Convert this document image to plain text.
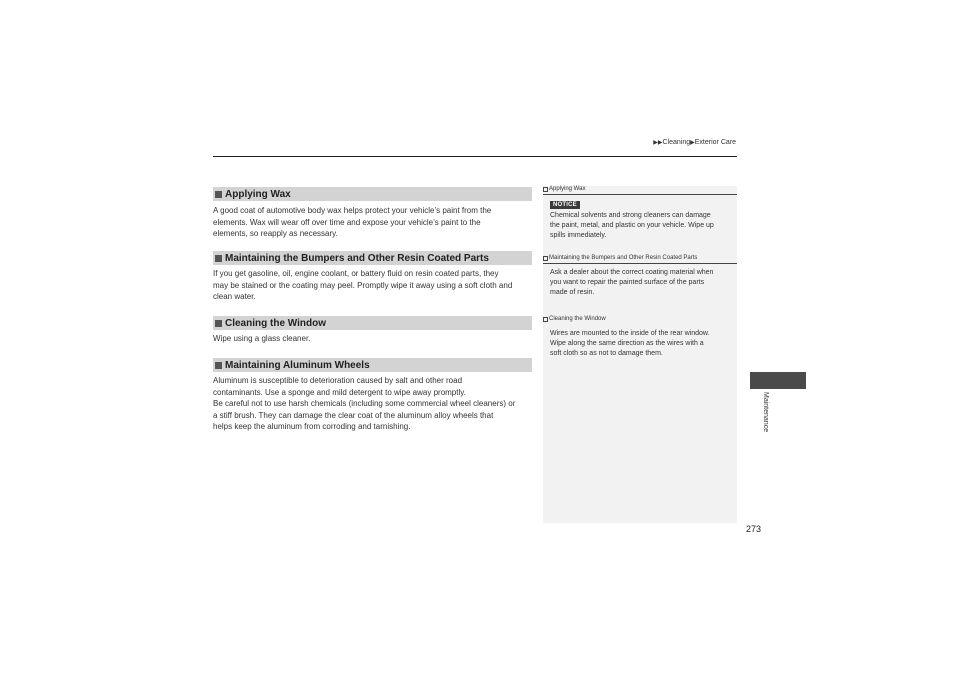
▶▶Cleaning▶Exterior Care
Applying Wax

A good coat of automotive body wax helps protect your vehicle’s paint from the

elements. Wax will wear off over time and expose your vehicle’s paint to the

elements, so reapply as necessary.

Maintaining the Bumpers and Other Resin Coated Parts

If you get gasoline, oil, engine coolant, or battery fluid on resin coated parts, they

may be stained or the coating may peel. Promptly wipe it away using a soft cloth and

clean water.

Cleaning the Window

Wipe using a glass cleaner.

Maintaining Aluminum Wheels

Aluminum is susceptible to deterioration caused by salt and other road

contaminants. Use a sponge and mild detergent to wipe away promptly.

Be careful not to use harsh chemicals (including some commercial wheel cleaners) or

a stiff brush. They can damage the clear coat of the aluminum alloy wheels that

helps keep the aluminum from corroding and tarnishing.

Applying Wax
NOTICE
Chemical solvents and strong cleaners can damage
the paint, metal, and plastic on your vehicle. Wipe up
spills immediately.
Maintaining the Bumpers and Other Resin Coated Parts
Ask a dealer about the correct coating material when
you want to repair the painted surface of the parts
made of resin.
Cleaning the Window
Wires are mounted to the inside of the rear window.
Wipe along the same direction as the wires with a
soft cloth so as not to damage them.
Maintenance
273
